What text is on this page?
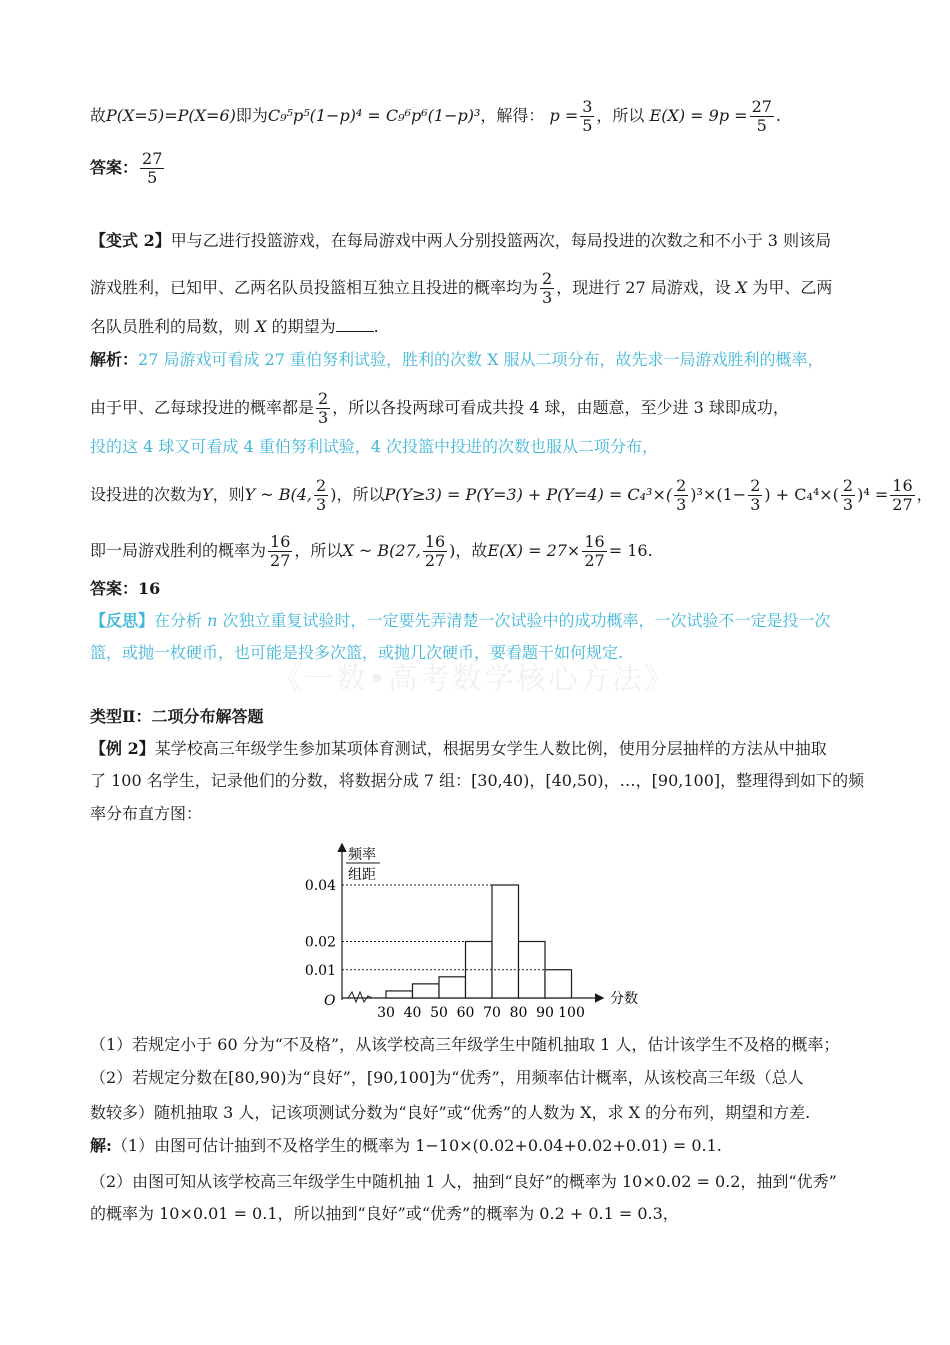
《一数•高考数学核心方法》
故P(X=5)=P(X=6)即为C₉⁵p⁵(1−p)⁴ = C₉⁶p⁶(1−p)³，解得： $p = \frac{3}{5}$ ，所以 $E(X) = 9p = \frac{27}{5}$ .
答案： $\frac{27}{5}$
【变式 2】甲与乙进行投篮游戏，在每局游戏中两人分别投篮两次，每局投进的次数之和不小于 3 则该局
游戏胜利，已知甲、乙两名队员投篮相互独立且投进的概率均为 $\frac{2}{3}$ ，现进行 27 局游戏，设 X 为甲、乙两
名队员胜利的局数，则 X 的期望为 .
解析：27 局游戏可看成 27 重伯努利试验，胜利的次数 X 服从二项分布，故先求一局游戏胜利的概率，
由于甲、乙每球投进的概率都是 $\frac{2}{3}$ ，所以各投两球可看成共投 4 球，由题意，至少进 3 球即成功，
投的这 4 球又可看成 4 重伯努利试验，4 次投篮中投进的次数也服从二项分布，
设投进的次数为Y，则Y ~ B(4, $\frac{2}{3}$ )，所以$P(Y\ge 3) = P(Y=3) + P(Y=4) = C_4^3\times( \frac{2}{3} )^3\times(1- \frac{2}{3}$ ) + $C_4^4\times( \frac{2}{3} )^4 = \frac{16}{27}$ ，
即一局游戏胜利的概率为 $\frac{16}{27}$ ，所以X ~ B(27, $\frac{16}{27}$ )，故$E(X) = 27\times \frac{16}{27} = 16$.
答案：16
【反思】在分析 n 次独立重复试验时，一定要先弄清楚一次试验中的成功概率，一次试验不一定是投一次
篮，或抛一枚硬币，也可能是投多次篮，或抛几次硬币，要看题干如何规定.
类型Ⅱ：二项分布解答题
【例 2】某学校高三年级学生参加某项体育测试，根据男女学生人数比例，使用分层抽样的方法从中抽取
了 100 名学生，记录他们的分数，将数据分成 7 组：[30,40)，[40,50)，…，[90,100]，整理得到如下的频
率分布直方图：
频率
组距
分数
O
0.04
0.02
0.01
30 40 50 60 70 80 90 100
（1）若规定小于 60 分为“不及格”，从该学校高三年级学生中随机抽取 1 人，估计该学生不及格的概率；
（2）若规定分数在[80,90)为“良好”，[90,100]为“优秀”，用频率估计概率，从该校高三年级（总人
数较多）随机抽取 3 人，记该项测试分数为“良好”或“优秀”的人数为 X，求 X 的分布列，期望和方差.
解:（1）由图可估计抽到不及格学生的概率为 1−10×(0.02+0.04+0.02+0.01) = 0.1.
（2）由图可知从该学校高三年级学生中随机抽 1 人，抽到“良好”的概率为 10×0.02 = 0.2，抽到“优秀”
的概率为 10×0.01 = 0.1，所以抽到“良好”或“优秀”的概率为 0.2 + 0.1 = 0.3，
